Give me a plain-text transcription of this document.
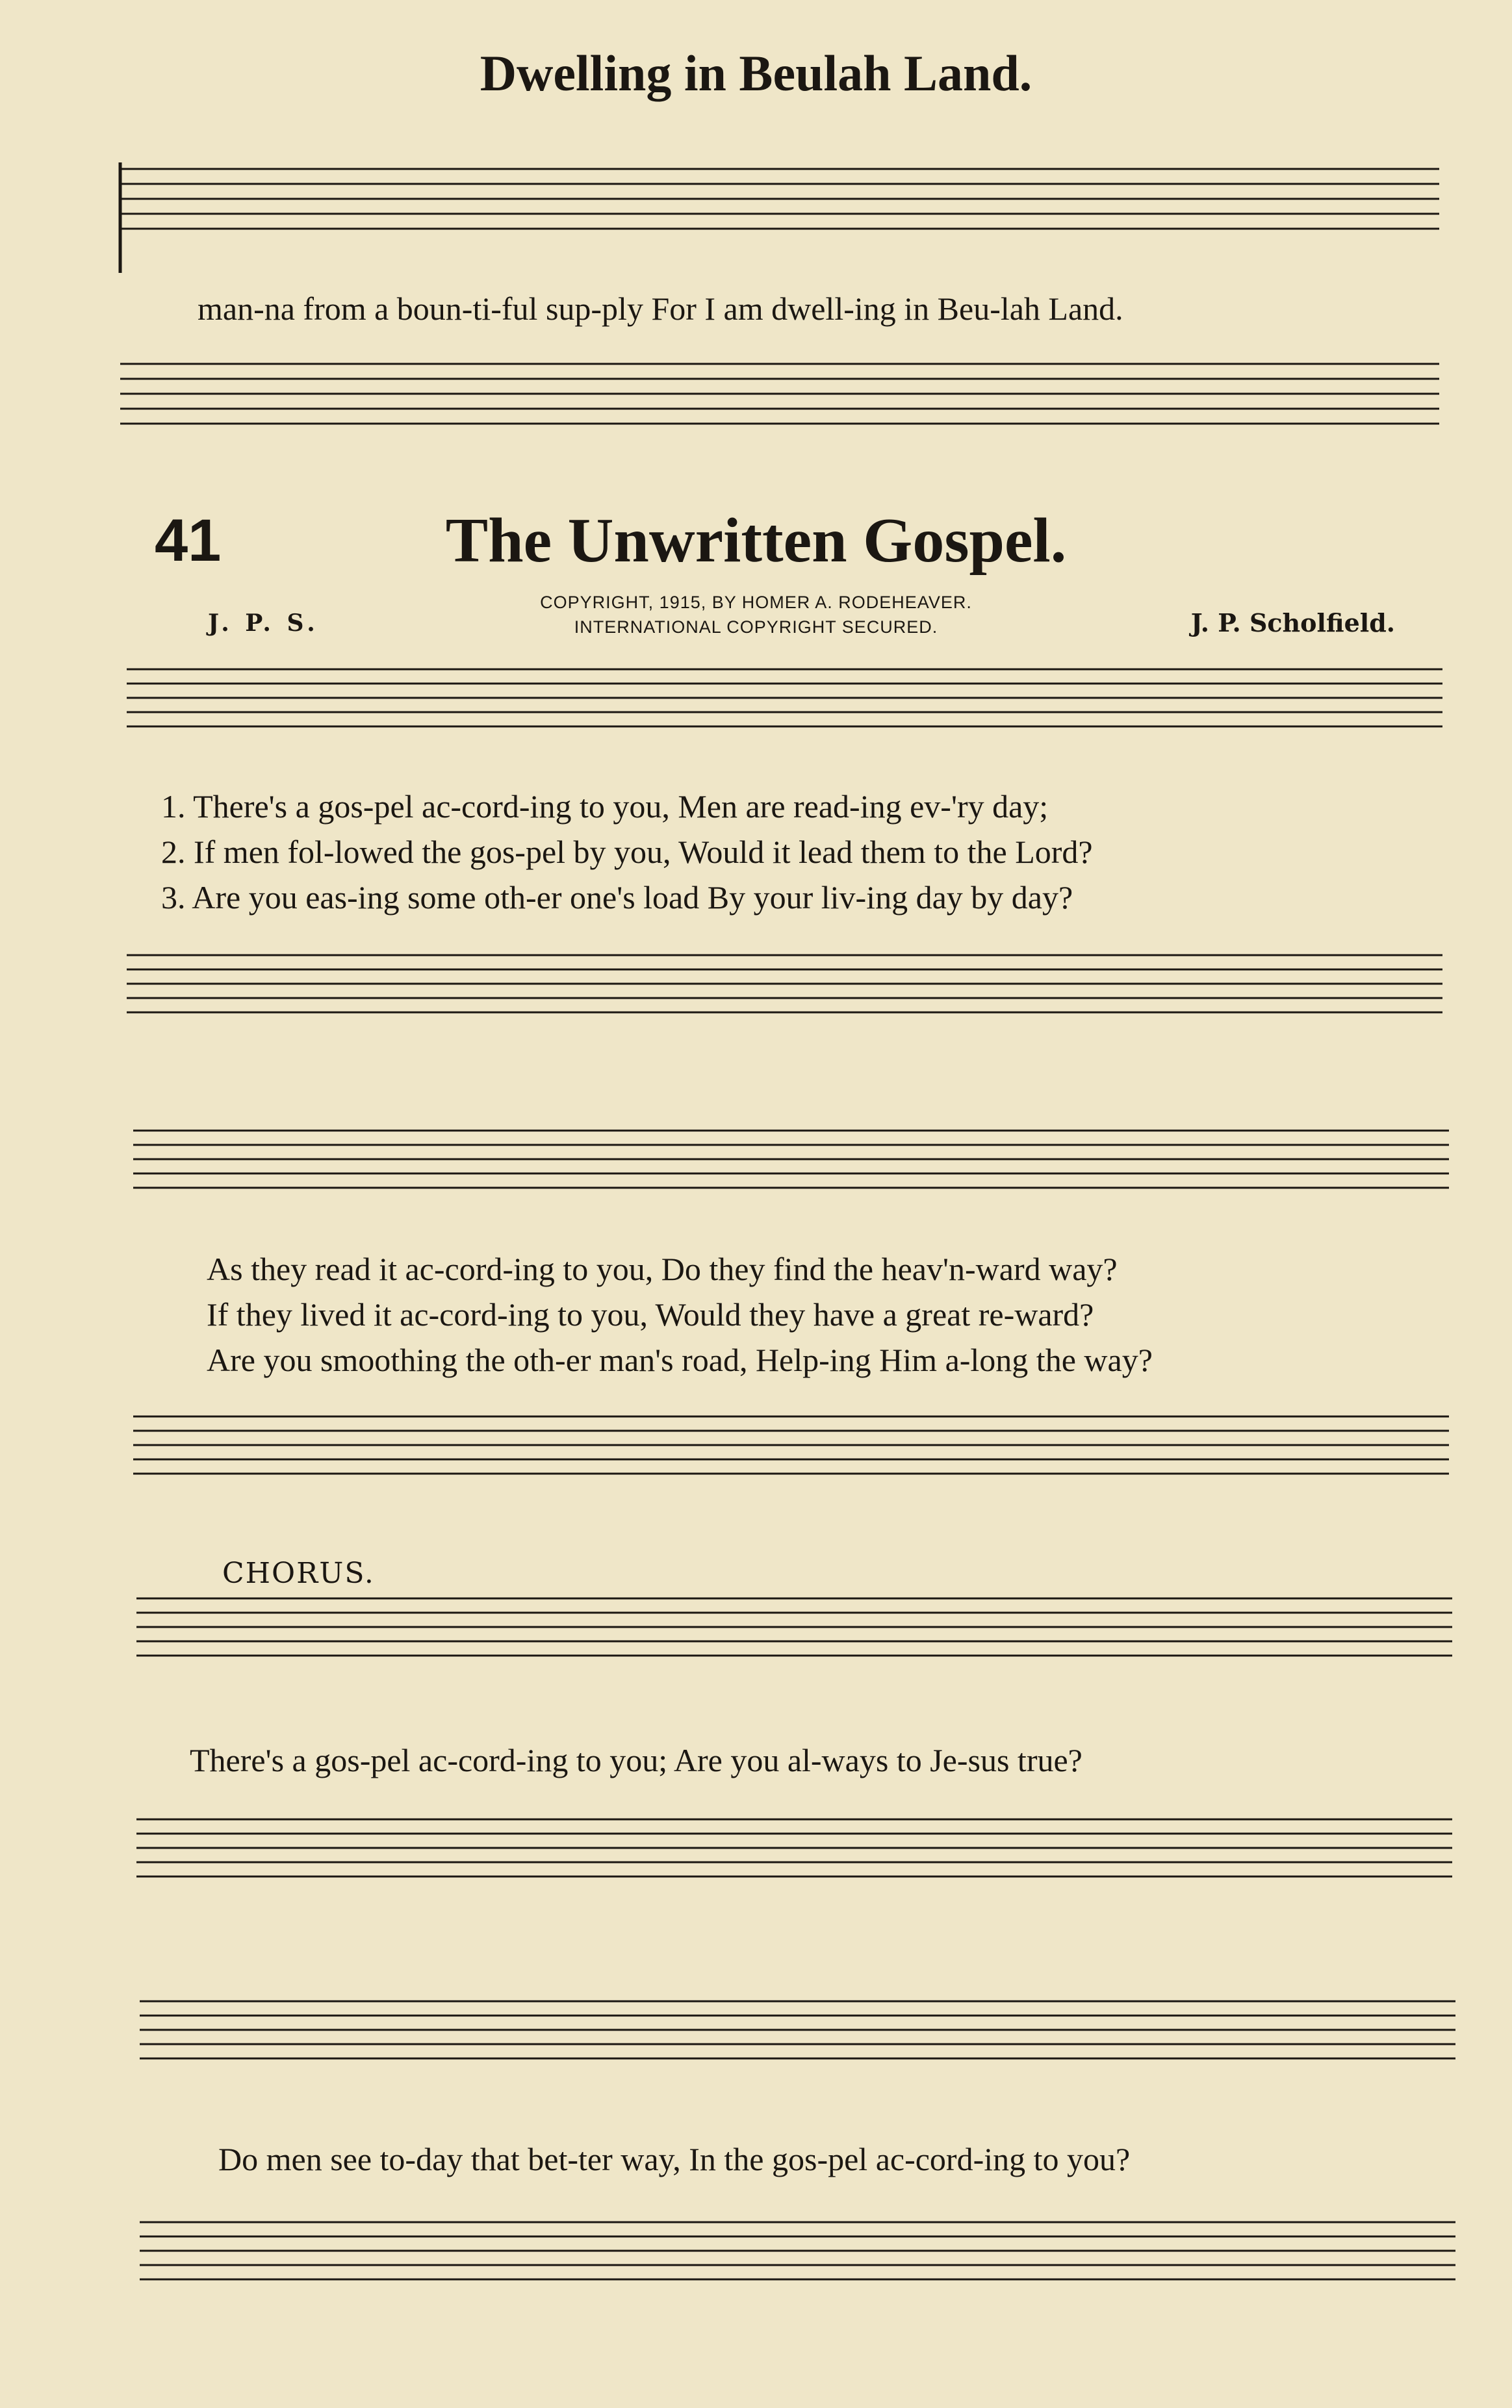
Dwelling in Beulah Land.
man-na from a boun-ti-ful sup-ply For I am dwell-ing in Beu-lah Land.
41	The Unwritten Gospel.
COPYRIGHT, 1915, BY HOMER A. RODEHEAVER.
INTERNATIONAL COPYRIGHT SECURED.
J. P. S.	J. P. Scholfield.
1. There's a gos-pel ac-cord-ing to you, Men are read-ing ev-'ry day;
2. If men fol-lowed the gos-pel by you, Would it lead them to the Lord?
3. Are you eas-ing some oth-er one's load By your liv-ing day by day?
As they read it ac-cord-ing to you, Do they find the heav'n-ward way?
If they lived it ac-cord-ing to you, Would they have a great re-ward?
Are you smoothing the oth-er man's road, Help-ing Him a-long the way?
CHORUS.
There's a gos-pel ac-cord-ing to you; Are you al-ways to Je-sus true?
Do men see to-day that bet-ter way, In the gos-pel ac-cord-ing to you?
